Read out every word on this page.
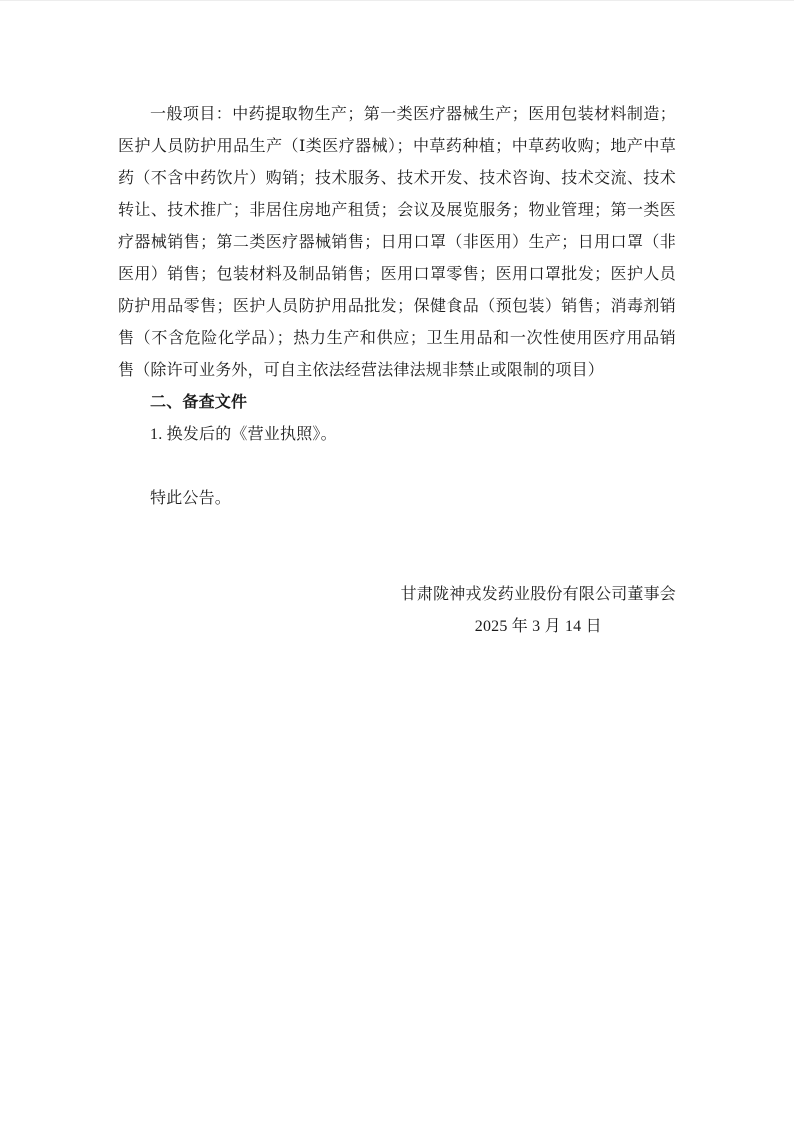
一般项目：中药提取物生产；第一类医疗器械生产；医用包装材料制造；医护人员防护用品生产（Ⅰ类医疗器械）；中草药种植；中草药收购；地产中草药（不含中药饮片）购销；技术服务、技术开发、技术咨询、技术交流、技术转让、技术推广；非居住房地产租赁；会议及展览服务；物业管理；第一类医疗器械销售；第二类医疗器械销售；日用口罩（非医用）生产；日用口罩（非医用）销售；包装材料及制品销售；医用口罩零售；医用口罩批发；医护人员防护用品零售；医护人员防护用品批发；保健食品（预包装）销售；消毒剂销售（不含危险化学品）；热力生产和供应；卫生用品和一次性使用医疗用品销售（除许可业务外，可自主依法经营法律法规非禁止或限制的项目）

二、备查文件

1. 换发后的《营业执照》。

特此公告。

甘肃陇神戎发药业股份有限公司董事会
2025 年 3 月 14 日
